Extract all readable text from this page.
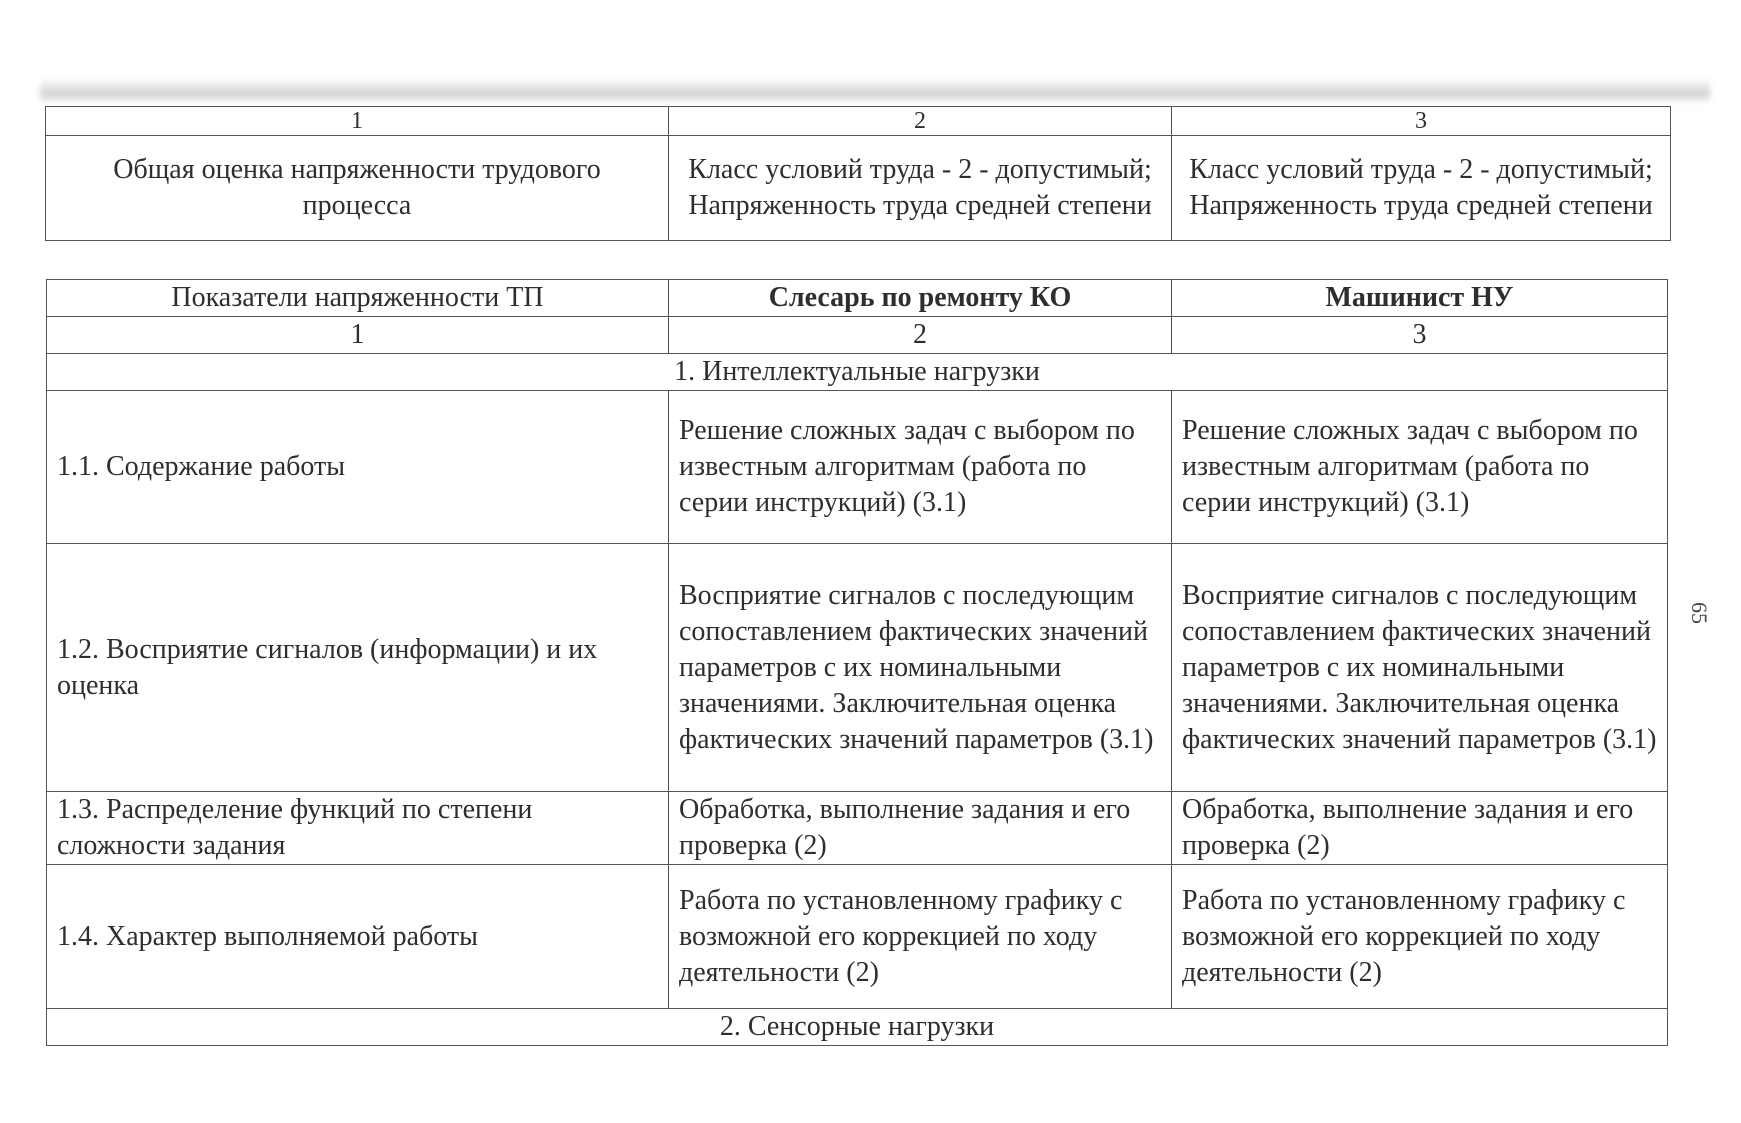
1	2	3
Общая оценка напряженности трудового процесса	Класс условий труда - 2 - допустимый; Напряженность труда средней степени	Класс условий труда - 2 - допустимый; Напряженность труда средней степени
Показатели напряженности ТП	Слесарь по ремонту КО	Машинист НУ
1	2	3
1. Интеллектуальные нагрузки		
1.1. Содержание работы	Решение сложных задач с выбором по известным алгоритмам (работа по серии инструкций) (3.1)	Решение сложных задач с выбором по известным алгоритмам (работа по серии инструкций) (3.1)
1.2. Восприятие сигналов (информации) и их оценка	Восприятие сигналов с последующим сопоставлением фактических значений параметров с их номинальными значениями. Заключительная оценка фактических значений параметров (3.1)	Восприятие сигналов с последующим сопоставлением фактических значений параметров с их номинальными значениями. Заключительная оценка фактических значений параметров (3.1)
1.3. Распределение функций по степени сложности задания	Обработка, выполнение задания и его проверка (2)	Обработка, выполнение задания и его проверка (2)
1.4. Характер выполняемой работы	Работа по установленному графику с возможной его коррекцией по ходу деятельности (2)	Работа по установленному графику с возможной его коррекцией по ходу деятельности (2)
2. Сенсорные нагрузки		
65
